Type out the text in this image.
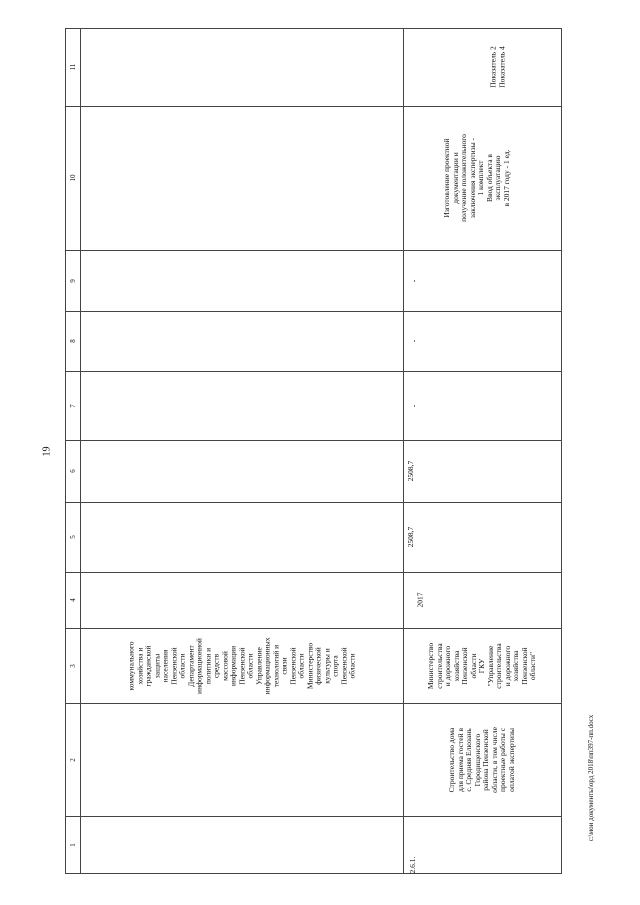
19
c:\мои документы\орд 2018\пп397-пп.docx
1
2
3
4
5
6
7
8
9
10
11
коммунального
хозяйства и
гражданской
защиты
населения
Пензенской
области
Департамент
информационной
политики и
средств
массовой
информации
Пензенской
области
Управление
информационных
технологий и
связи
Пензенской
области
Министерство
физической
культуры и
спорта
Пензенской
области
2.6.1.
Строительство дома
для приема гостей в
с. Средняя Елюзань
Городищенского
района Пензенской
области, в том числе
проектные работы с
оплатой экспертизы
Министерство
строительства
и дорожного
хозяйства
Пензенской
области
ГКУ
"Управление
строительства
и дорожного
хозяйства
Пензенской
области"
2017
2508,7
2508,7
-
-
-
Изготовление проектной
документации и
получение положительного
заключения экспертизы -
1 комплект
Ввод объекта в
эксплуатацию
в 2017 году - 1 ед.
Показатель 2
Показатель 4
